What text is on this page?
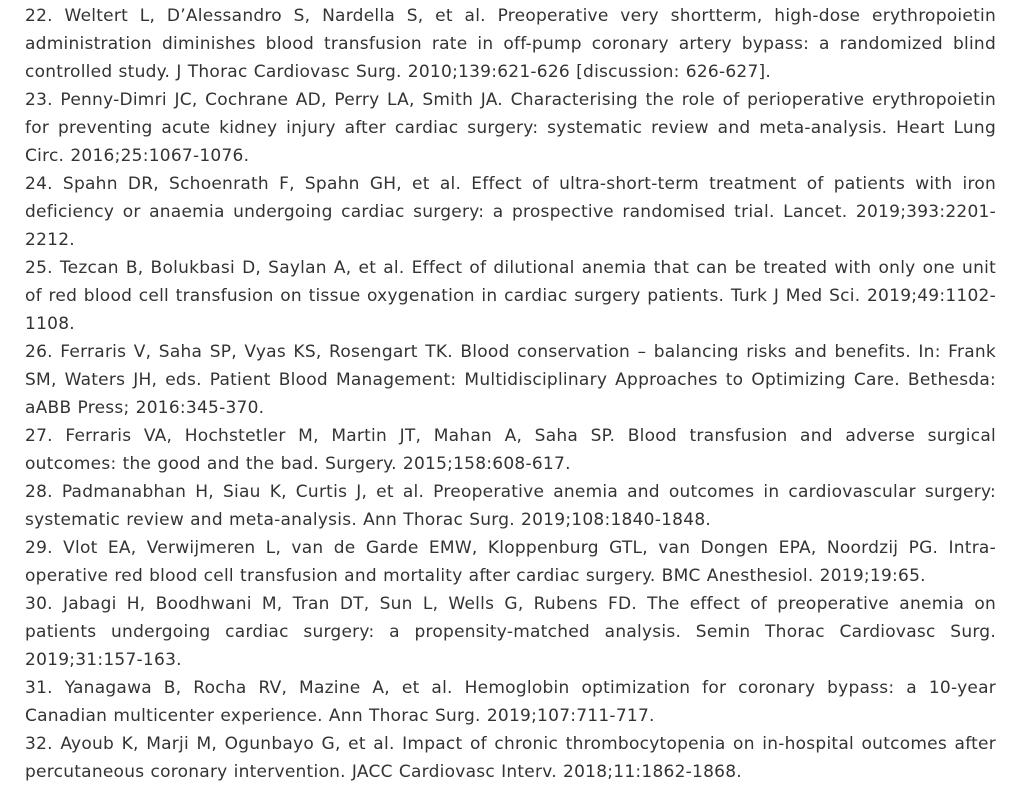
22. Weltert L, D’Alessandro S, Nardella S, et al. Preoperative very shortterm, high-dose erythropoietin administration diminishes blood transfusion rate in off-pump coronary artery bypass: a randomized blind controlled study. J Thorac Cardiovasc Surg. 2010;139:621-626 [discussion: 626-627].
23. Penny-Dimri JC, Cochrane AD, Perry LA, Smith JA. Characterising the role of perioperative erythropoietin for preventing acute kidney injury after cardiac surgery: systematic review and meta-analysis. Heart Lung Circ. 2016;25:1067-1076.
24. Spahn DR, Schoenrath F, Spahn GH, et al. Effect of ultra-short-term treatment of patients with iron deficiency or anaemia undergoing cardiac surgery: a prospective randomised trial. Lancet. 2019;393:2201-2212.
25. Tezcan B, Bolukbasi D, Saylan A, et al. Effect of dilutional anemia that can be treated with only one unit of red blood cell transfusion on tissue oxygenation in cardiac surgery patients. Turk J Med Sci. 2019;49:1102-1108.
26. Ferraris V, Saha SP, Vyas KS, Rosengart TK. Blood conservation – balancing risks and benefits. In: Frank SM, Waters JH, eds. Patient Blood Management: Multidisciplinary Approaches to Optimizing Care. Bethesda: aABB Press; 2016:345-370.
27. Ferraris VA, Hochstetler M, Martin JT, Mahan A, Saha SP. Blood transfusion and adverse surgical outcomes: the good and the bad. Surgery. 2015;158:608-617.
28. Padmanabhan H, Siau K, Curtis J, et al. Preoperative anemia and outcomes in cardiovascular surgery: systematic review and meta-analysis. Ann Thorac Surg. 2019;108:1840-1848.
29. Vlot EA, Verwijmeren L, van de Garde EMW, Kloppenburg GTL, van Dongen EPA, Noordzij PG. Intra-operative red blood cell transfusion and mortality after cardiac surgery. BMC Anesthesiol. 2019;19:65.
30. Jabagi H, Boodhwani M, Tran DT, Sun L, Wells G, Rubens FD. The effect of preoperative anemia on patients undergoing cardiac surgery: a propensity-matched analysis. Semin Thorac Cardiovasc Surg. 2019;31:157-163.
31. Yanagawa B, Rocha RV, Mazine A, et al. Hemoglobin optimization for coronary bypass: a 10-year Canadian multicenter experience. Ann Thorac Surg. 2019;107:711-717.
32. Ayoub K, Marji M, Ogunbayo G, et al. Impact of chronic thrombocytopenia on in-hospital outcomes after percutaneous coronary intervention. JACC Cardiovasc Interv. 2018;11:1862-1868.
